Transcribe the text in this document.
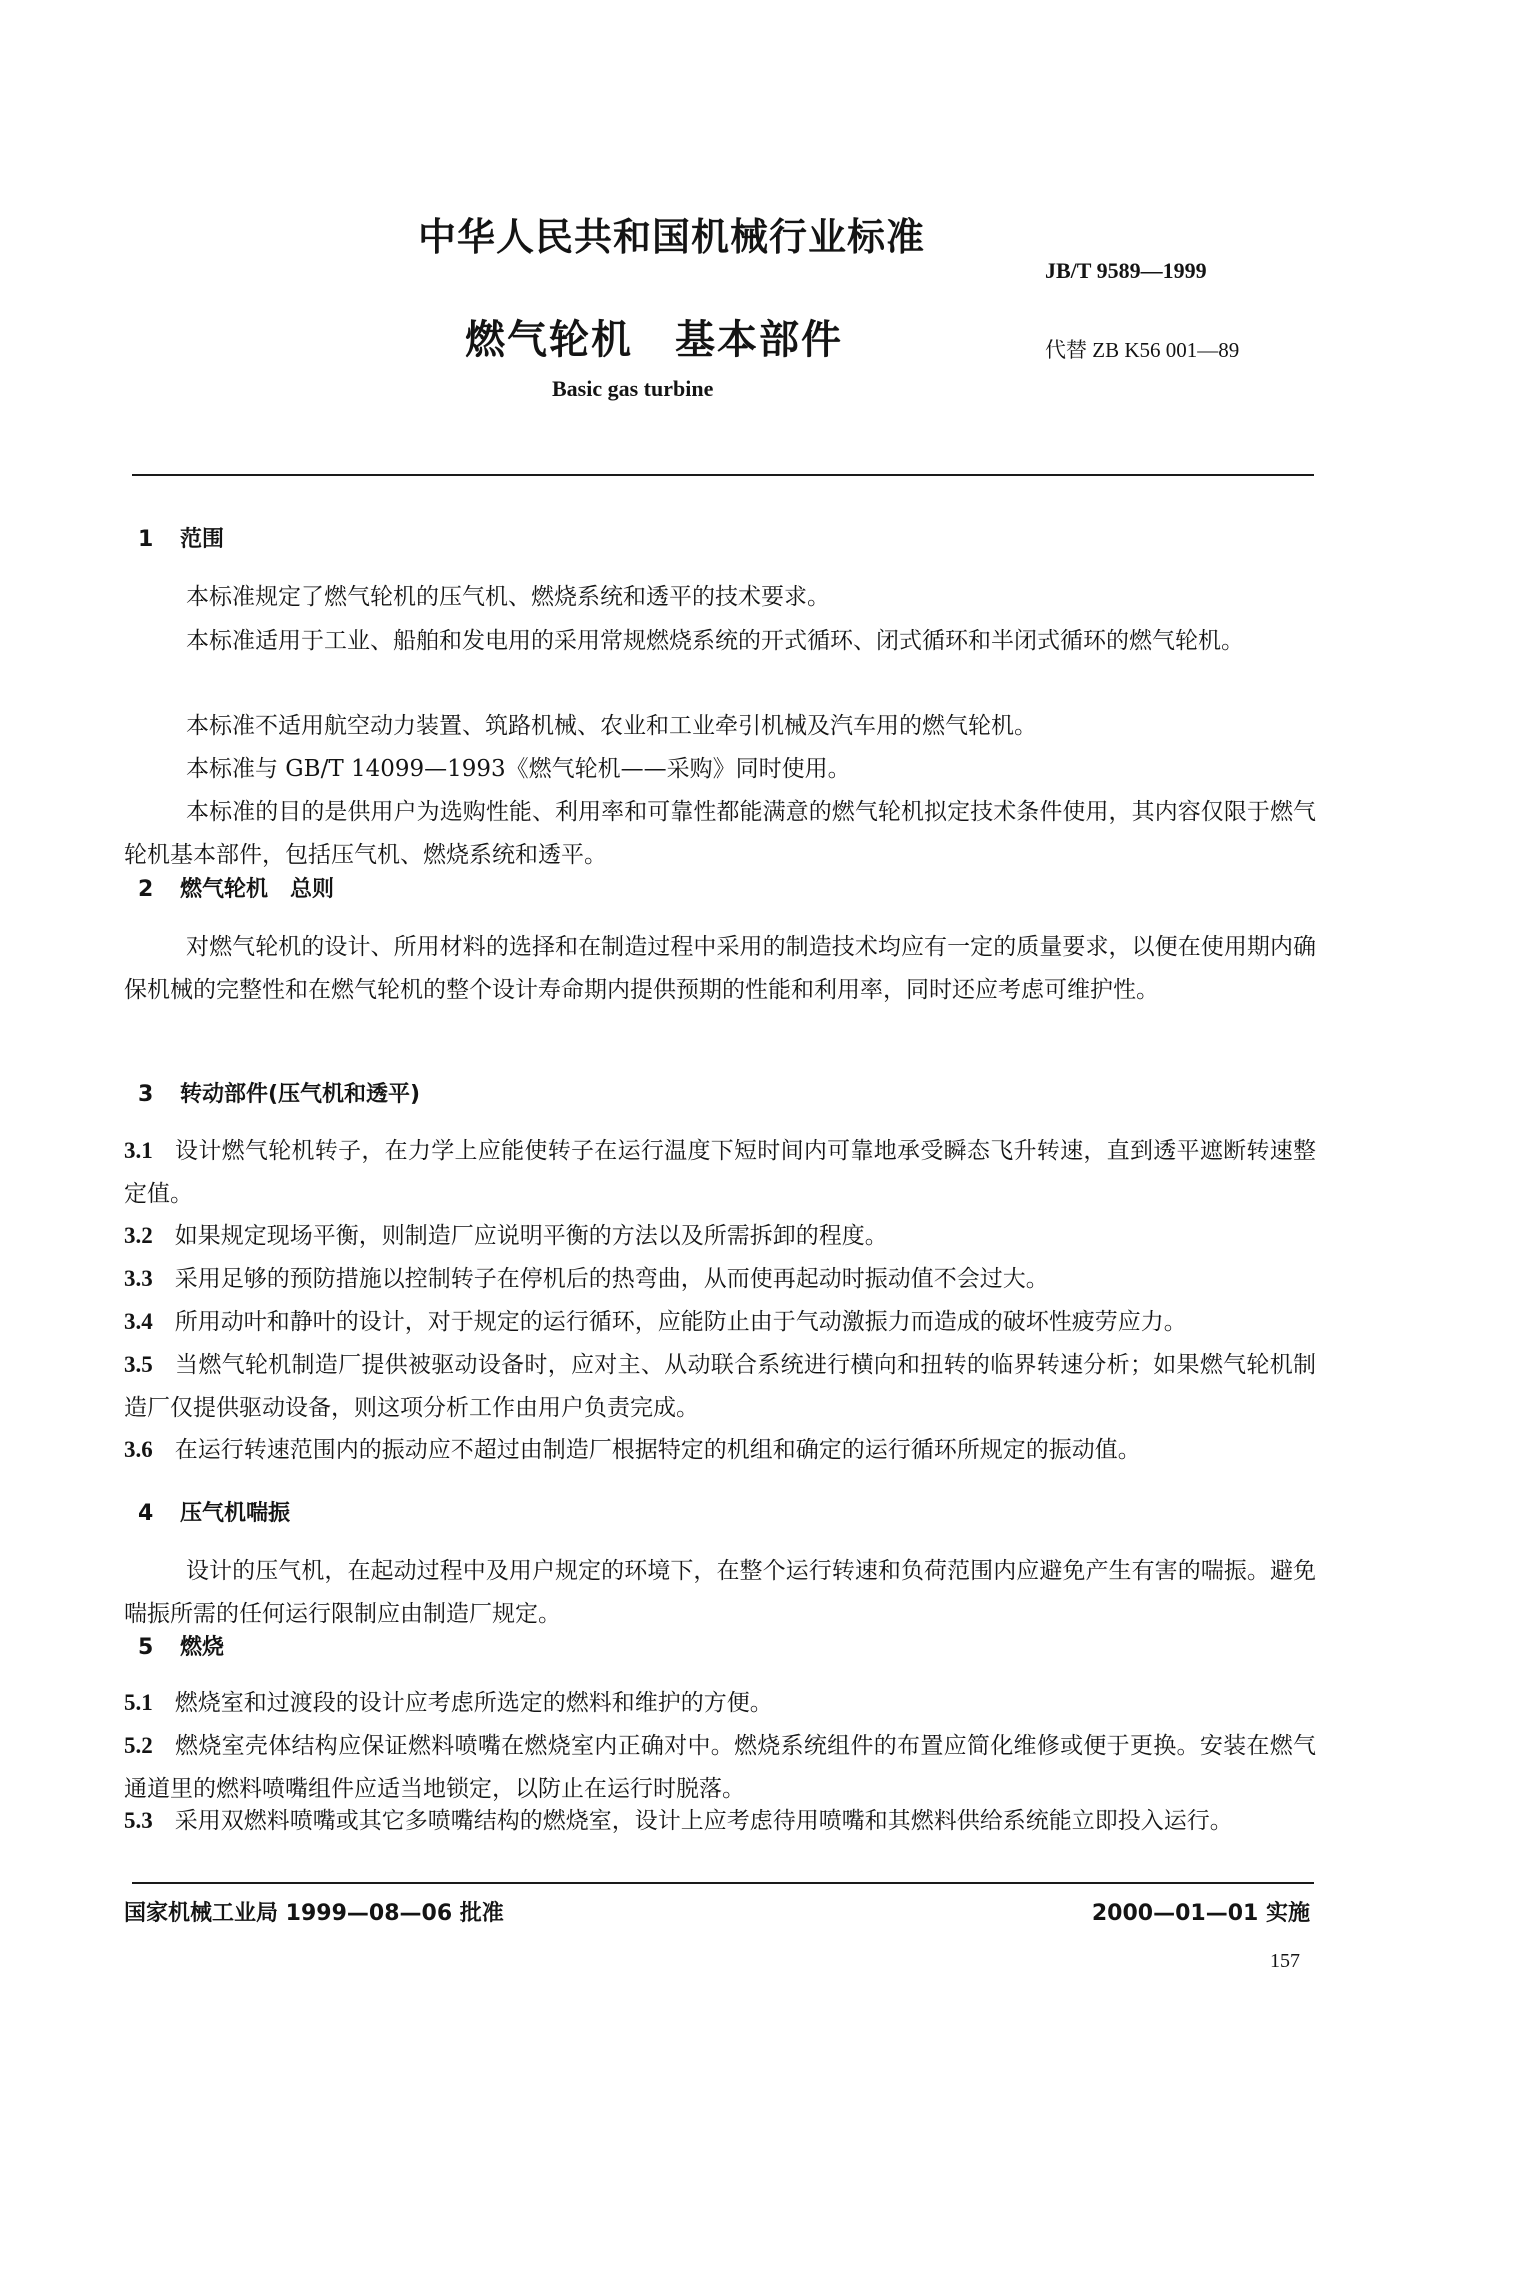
中华人民共和国机械行业标准
JB/T 9589—1999
燃气轮机 基本部件	代替 ZB K56 001—89
Basic gas turbine
1 范围

本标准规定了燃气轮机的压气机、燃烧系统和透平的技术要求。

本标准适用于工业、船舶和发电用的采用常规燃烧系统的开式循环、闭式循环和半闭式循环的燃气轮机。

本标准不适用航空动力装置、筑路机械、农业和工业牵引机械及汽车用的燃气轮机。

本标准与 GB/T 14099—1993《燃气轮机——采购》同时使用。

本标准的目的是供用户为选购性能、利用率和可靠性都能满意的燃气轮机拟定技术条件使用，其内容仅限于燃气轮机基本部件，包括压气机、燃烧系统和透平。

2 燃气轮机　总则

对燃气轮机的设计、所用材料的选择和在制造过程中采用的制造技术均应有一定的质量要求，以便在使用期内确保机械的完整性和在燃气轮机的整个设计寿命期内提供预期的性能和利用率，同时还应考虑可维护性。

3 转动部件(压气机和透平)

3.1 设计燃气轮机转子，在力学上应能使转子在运行温度下短时间内可靠地承受瞬态飞升转速，直到透平遮断转速整定值。

3.2 如果规定现场平衡，则制造厂应说明平衡的方法以及所需拆卸的程度。

3.3 采用足够的预防措施以控制转子在停机后的热弯曲，从而使再起动时振动值不会过大。

3.4 所用动叶和静叶的设计，对于规定的运行循环，应能防止由于气动激振力而造成的破坏性疲劳应力。

3.5 当燃气轮机制造厂提供被驱动设备时，应对主、从动联合系统进行横向和扭转的临界转速分析；如果燃气轮机制造厂仅提供驱动设备，则这项分析工作由用户负责完成。

3.6 在运行转速范围内的振动应不超过由制造厂根据特定的机组和确定的运行循环所规定的振动值。

4 压气机喘振

设计的压气机，在起动过程中及用户规定的环境下，在整个运行转速和负荷范围内应避免产生有害的喘振。避免喘振所需的任何运行限制应由制造厂规定。

5 燃烧

5.1 燃烧室和过渡段的设计应考虑所选定的燃料和维护的方便。

5.2 燃烧室壳体结构应保证燃料喷嘴在燃烧室内正确对中。燃烧系统组件的布置应简化维修或便于更换。安装在燃气通道里的燃料喷嘴组件应适当地锁定，以防止在运行时脱落。

5.3 采用双燃料喷嘴或其它多喷嘴结构的燃烧室，设计上应考虑待用喷嘴和其燃料供给系统能立即投入运行。

国家机械工业局 1999—08—06 批准	2000—01—01 实施
157
